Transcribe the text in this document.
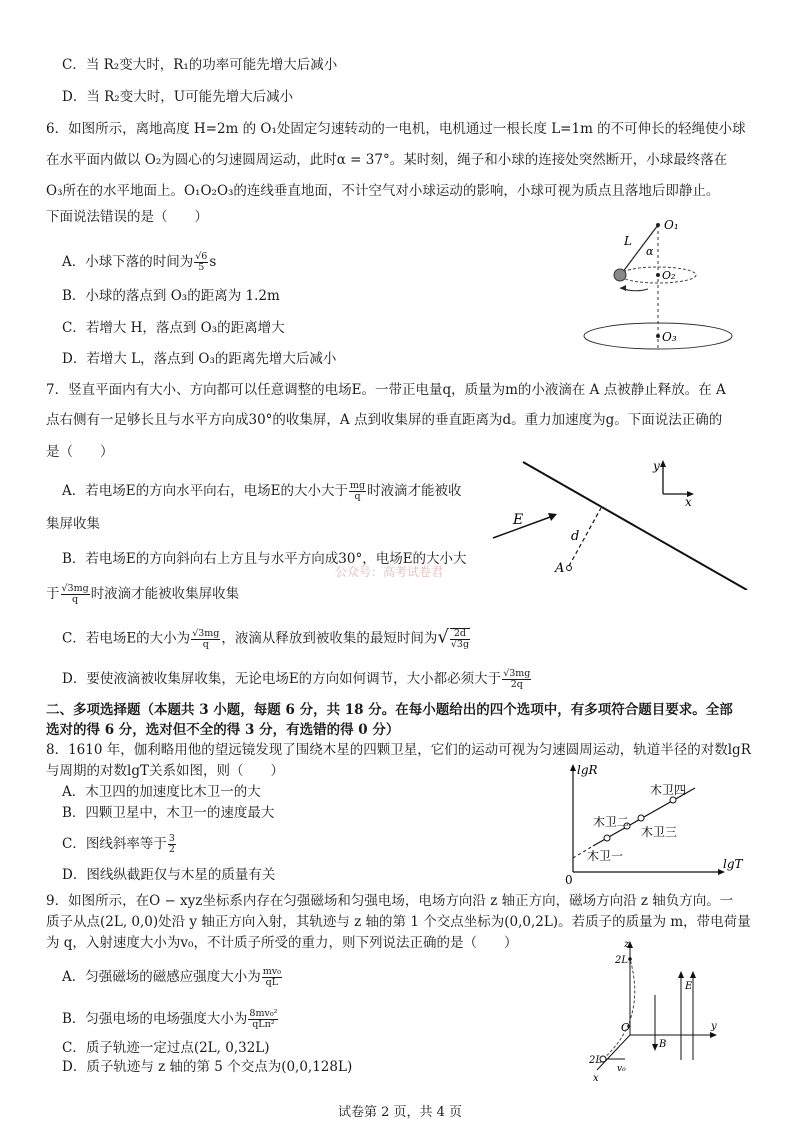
C．当 R₂变大时，R₁的功率可能先增大后减小
D．当 R₂变大时，U可能先增大后减小
6．如图所示，离地高度 H=2m 的 O₁处固定匀速转动的一电机，电机通过一根长度 L=1m 的不可伸长的轻绳使小球
在水平面内做以 O₂为圆心的匀速圆周运动，此时α = 37°。某时刻，绳子和小球的连接处突然断开，小球最终落在
O₃所在的水平地面上。O₁O₂O₃的连线垂直地面，不计空气对小球运动的影响，小球可视为质点且落地后即静止。
下面说法错误的是（　　）
A．小球下落的时间为 $\frac{√6}{5}$ s
B．小球的落点到 O₃的距离为 1.2m
C．若增大 H，落点到 O₃的距离增大
D．若增大 L，落点到 O₃的距离先增大后减小
O₁
L
α
O₂
O₃
7．竖直平面内有大小、方向都可以任意调整的电场E。一带正电量q，质量为m的小液滴在 A 点被静止释放。在 A
点右侧有一足够长且与水平方向成30°的收集屏，A 点到收集屏的垂直距离为d。重力加速度为g。下面说法正确的
是（　　）
A．若电场E的方向水平向右，电场E的大小大于 $\frac{mg}{q}$ 时液滴才能被收
集屏收集
B．若电场E的方向斜向右上方且与水平方向成30°，电场E的大小大
于 $\frac{√3mg}{q}$ 时液滴才能被收集屏收集
C．若电场E的大小为 $\frac{√3mg}{q}$ ，液滴从释放到被收集的最短时间为√ $\frac{2d}{√3g}$
D．要使液滴被收集屏收集，无论电场E的方向如何调节，大小都必须大于 $\frac{√3mg}{2q}$
y
x
E
d
A
公众号：高考试卷君
二、多项选择题（本题共 3 小题，每题 6 分，共 18 分。在每小题给出的四个选项中，有多项符合题目要求。全部
选对的得 6 分，选对但不全的得 3 分，有选错的得 0 分）
8．1610 年，伽利略用他的望远镜发现了围绕木星的四颗卫星，它们的运动可视为匀速圆周运动，轨道半径的对数lgR
与周期的对数lgT关系如图，则（　　）
A．木卫四的加速度比木卫一的大
B．四颗卫星中，木卫一的速度最大
C．图线斜率等于 $\frac{3}{2}$
D．图线纵截距仅与木星的质量有关
lgR
lgT
0
木卫四
木卫二
木卫三
木卫一
9．如图所示，在O − xyz坐标系内存在匀强磁场和匀强电场，电场方向沿 z 轴正方向，磁场方向沿 z 轴负方向。一
质子从点(2L, 0,0)处沿 y 轴正方向入射，其轨迹与 z 轴的第 1 个交点坐标为(0,0,2L)。若质子的质量为 m，带电荷量
为 q，入射速度大小为v₀，不计质子所受的重力，则下列说法正确的是（　　）
A．匀强磁场的磁感应强度大小为 $\frac{\text{mv₀}}{qL}$
B．匀强电场的电场强度大小为 $\frac{\text{8mv₀²}}{\text{qLπ²}}$
C．质子轨迹一定过点(2L, 0,32L)
D．质子轨迹与 z 轴的第 5 个交点为(0,0,128L)
z
y
x
O
2L
2L
v₀
E
B
试卷第 2 页，共 4 页
